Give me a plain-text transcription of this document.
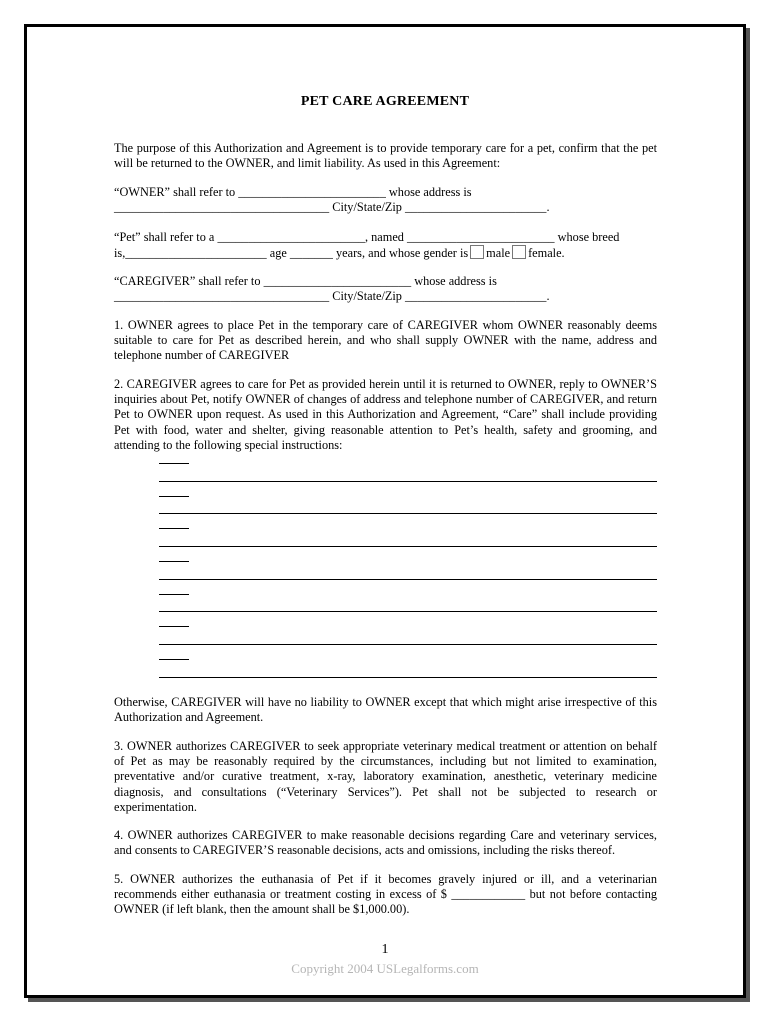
PET CARE AGREEMENT
The purpose of this Authorization and Agreement is to provide temporary care for a pet, confirm that the pet will be returned to the OWNER, and limit liability. As used in this Agreement:
“OWNER” shall refer to ________________________ whose address is
___________________________________ City/State/Zip _______________________.
“Pet” shall refer to a ________________________, named ________________________ whose breed
is,_______________________ age _______ years, and whose gender is male female.
“CAREGIVER” shall refer to ________________________ whose address is
___________________________________ City/State/Zip _______________________.
1. OWNER agrees to place Pet in the temporary care of CAREGIVER whom OWNER reasonably deems suitable to care for Pet as described herein, and who shall supply OWNER with the name, address and telephone number of CAREGIVER
2. CAREGIVER agrees to care for Pet as provided herein until it is returned to OWNER, reply to OWNER’S inquiries about Pet, notify OWNER of changes of address and telephone number of CAREGIVER, and return Pet to OWNER upon request. As used in this Authorization and Agreement, “Care” shall include providing Pet with food, water and shelter, giving reasonable attention to Pet’s health, safety and grooming, and attending to the following special instructions:
Otherwise, CAREGIVER will have no liability to OWNER except that which might arise irrespective of this Authorization and Agreement.
3. OWNER authorizes CAREGIVER to seek appropriate veterinary medical treatment or attention on behalf of Pet as may be reasonably required by the circumstances, including but not limited to examination, preventative and/or curative treatment, x-ray, laboratory examination, anesthetic, veterinary medicine diagnosis, and consultations (“Veterinary Services”). Pet shall not be subjected to research or experimentation.
4. OWNER authorizes CAREGIVER to make reasonable decisions regarding Care and veterinary services, and consents to CAREGIVER’S reasonable decisions, acts and omissions, including the risks thereof.
5. OWNER authorizes the euthanasia of Pet if it becomes gravely injured or ill, and a veterinarian recommends either euthanasia or treatment costing in excess of $ ____________ but not before contacting OWNER (if left blank, then the amount shall be $1,000.00).
1
Copyright 2004 USLegalforms.com
